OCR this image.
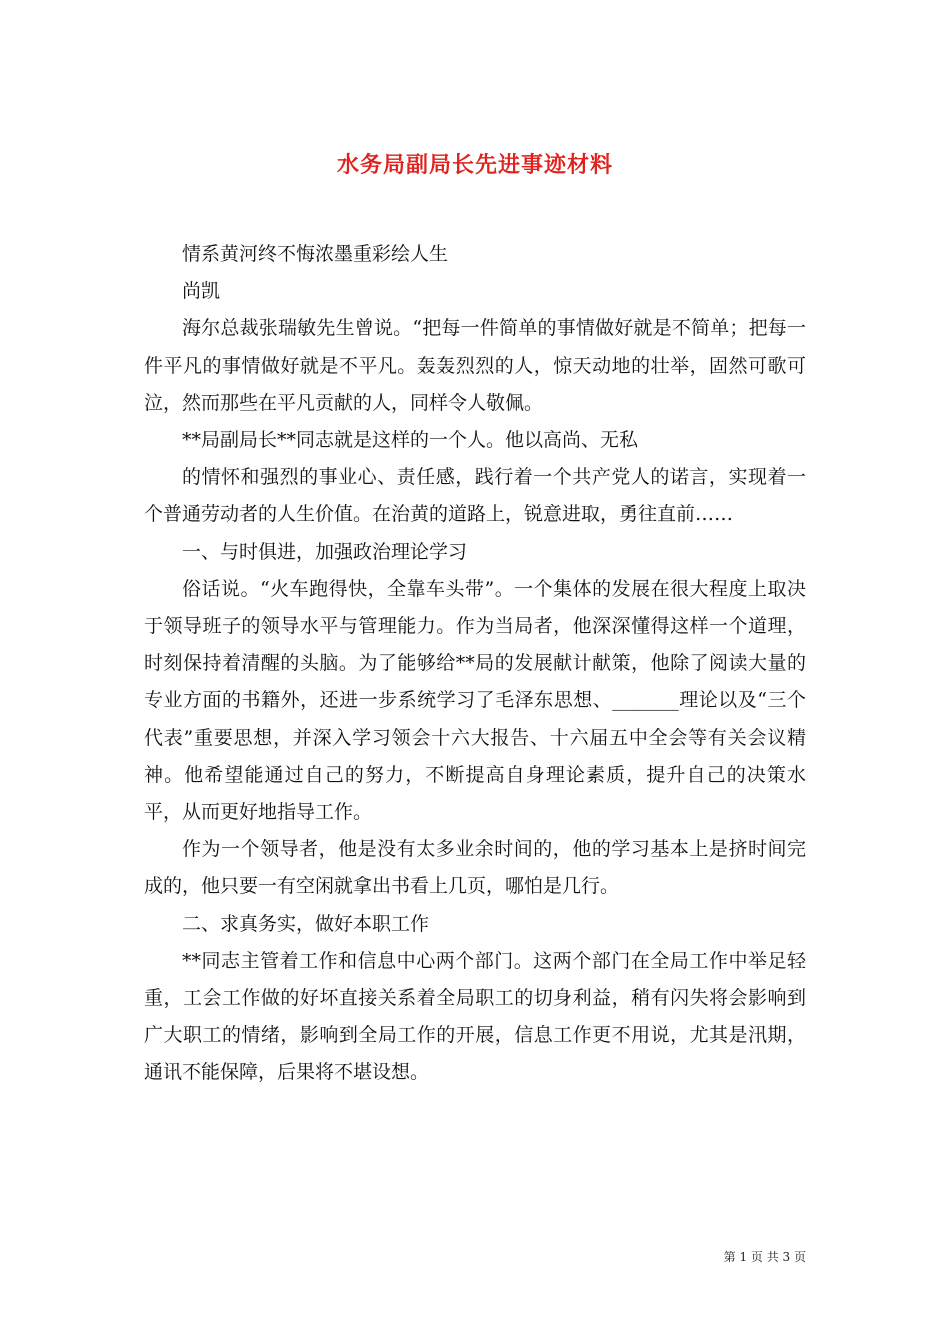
水务局副局长先进事迹材料

情系黄河终不悔浓墨重彩绘人生

尚凯

海尔总裁张瑞敏先生曾说。“把每一件简单的事情做好就是不简单；把每一件平凡的事情做好就是不平凡。轰轰烈烈的人，惊天动地的壮举，固然可歌可泣，然而那些在平凡贡献的人，同样令人敬佩。

**局副局长**同志就是这样的一个人。他以高尚、无私

的情怀和强烈的事业心、责任感，践行着一个共产党人的诺言，实现着一个普通劳动者的人生价值。在治黄的道路上，锐意进取，勇往直前……

一、与时俱进，加强政治理论学习

俗话说。“火车跑得快，全靠车头带”。一个集体的发展在很大程度上取决于领导班子的领导水平与管理能力。作为当局者，他深深懂得这样一个道理，时刻保持着清醒的头脑。为了能够给**局的发展献计献策，他除了阅读大量的专业方面的书籍外，还进一步系统学习了毛泽东思想、_______理论以及“三个代表”重要思想，并深入学习领会十六大报告、十六届五中全会等有关会议精神。他希望能通过自己的努力，不断提高自身理论素质，提升自己的决策水平，从而更好地指导工作。

作为一个领导者，他是没有太多业余时间的，他的学习基本上是挤时间完成的，他只要一有空闲就拿出书看上几页，哪怕是几行。

二、求真务实，做好本职工作

**同志主管着工作和信息中心两个部门。这两个部门在全局工作中举足轻重，工会工作做的好坏直接关系着全局职工的切身利益，稍有闪失将会影响到广大职工的情绪，影响到全局工作的开展，信息工作更不用说，尤其是汛期，通讯不能保障，后果将不堪设想。

第 1 页 共 3 页
